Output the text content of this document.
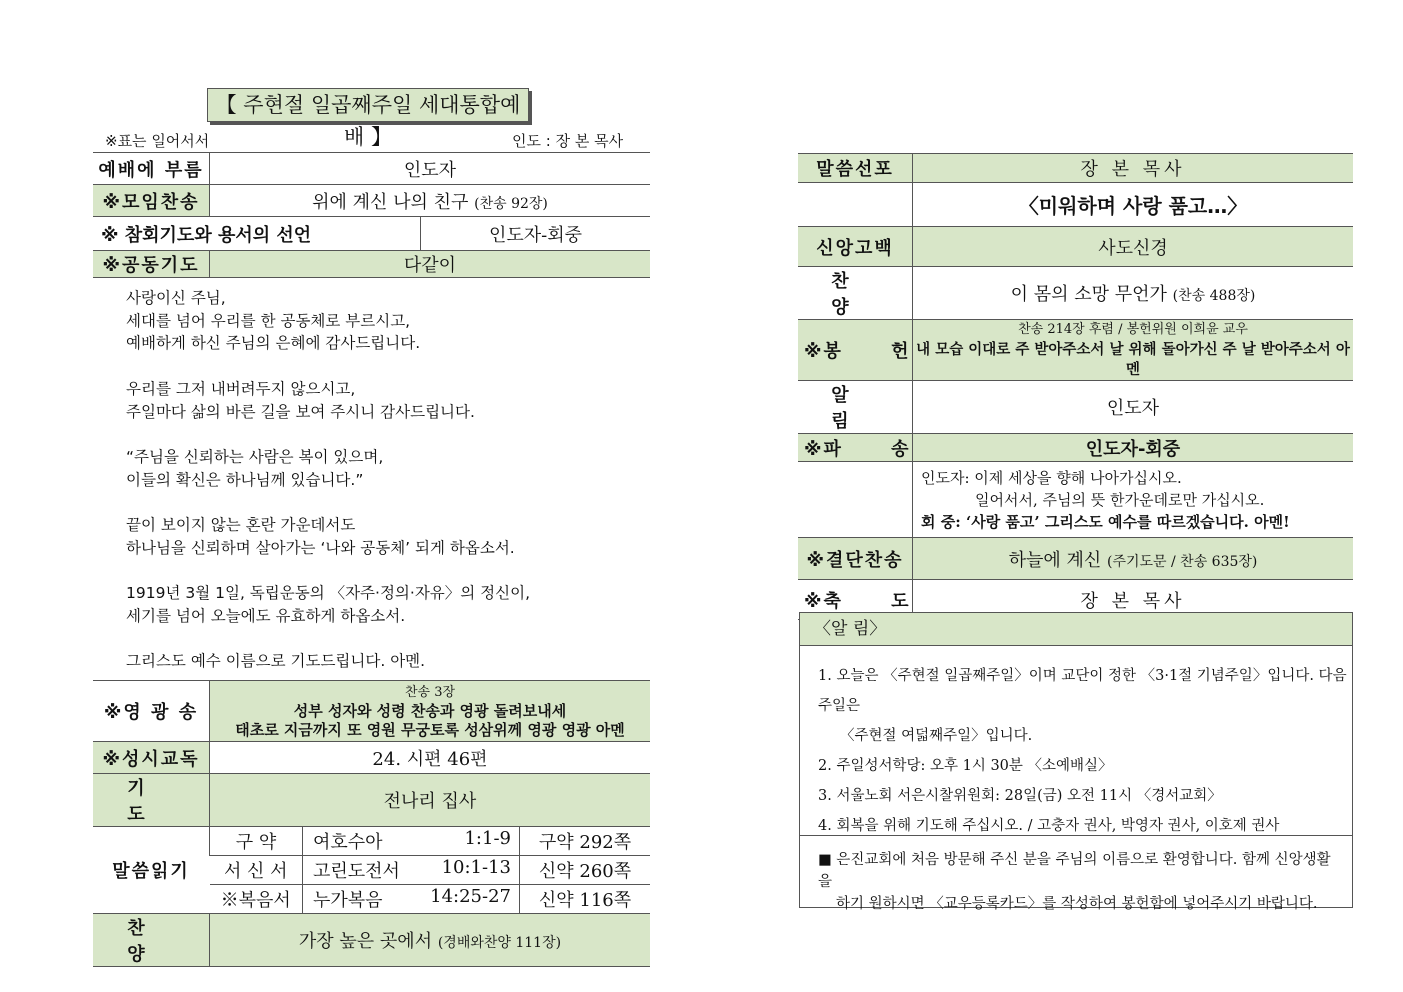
【 주현절 일곱째주일 세대통합예배 】
※표는 일어서서	인도 : 장 본 목사
예배에 부름	인도자	
※모임찬송	위에 계신 나의 친구 (찬송 92장)	
※ 참회기도와 용서의 선언		인도자-회중
※공동기도	다같이	
사랑이신 주님,
세대를 넘어 우리를 한 공동체로 부르시고,
예배하게 하신 주님의 은혜에 감사드립니다.
우리를 그저 내버려두지 않으시고,
주일마다 삶의 바른 길을 보여 주시니 감사드립니다.
“주님을 신뢰하는 사람은 복이 있으며,
이들의 확신은 하나님께 있습니다.”
끝이 보이지 않는 혼란 가운데서도
하나님을 신뢰하며 살아가는 ‘나와 공동체’ 되게 하옵소서.
1919년 3월 1일, 독립운동의 〈자주·정의·자유〉의 정신이,
세기를 넘어 오늘에도 유효하게 하옵소서.
그리스도 예수 이름으로 기도드립니다. 아멘.
※영 광 송	찬송 3장
성부 성자와 성령 찬송과 영광 돌려보내세
태초로 지금까지 또 영원 무궁토록 성삼위께 영광 영광 아멘		

※성시교독	24. 시편 46편		
기 도	전나리 집사		
말씀읽기	구 약	여호수아 1:1-9	구약 292쪽
	서 신 서	고린도전서 10:1-13	신약 260쪽
	※복음서	누가복음 14:25-27	신약 116쪽
찬 양	가장 높은 곳에서 (경배와찬양 111장)		
말씀선포	장 본 목사
	〈미워하며 사랑 품고…〉
신앙고백	사도신경
찬 양	이 몸의 소망 무언가 (찬송 488장)
※봉 헌	찬송 214장 후렴 / 봉헌위원 이희윤 교우
내 모습 이대로 주 받아주소서 날 위해 돌아가신 주 날 받아주소서 아멘

알 림	인도자
※파 송	인도자-회중

	인도자: 이제 세상을 향해 나아가십시오.
일어서서, 주님의 뜻 한가운데로만 가십시오.
회 중: ‘사랑 품고’ 그리스도 예수를 따르겠습니다. 아멘!

※결단찬송	하늘에 계신 (주기도문 / 찬송 635장)
※축 도	장 본 목사
〈알 림〉
1. 오늘은 〈주현절 일곱째주일〉이며 교단이 정한 〈3·1절 기념주일〉입니다. 다음주일은
〈주현절 여덟째주일〉입니다.
2. 주일성서학당: 오후 1시 30분 〈소예배실〉
3. 서울노회 서은시찰위원회: 28일(금) 오전 11시 〈경서교회〉
4. 회복을 위해 기도해 주십시오. / 고충자 권사, 박영자 권사, 이호제 권사
■ 은진교회에 처음 방문해 주신 분을 주님의 이름으로 환영합니다. 함께 신앙생활을
하기 원하시면 〈교우등록카드〉를 작성하여 봉헌함에 넣어주시기 바랍니다.
